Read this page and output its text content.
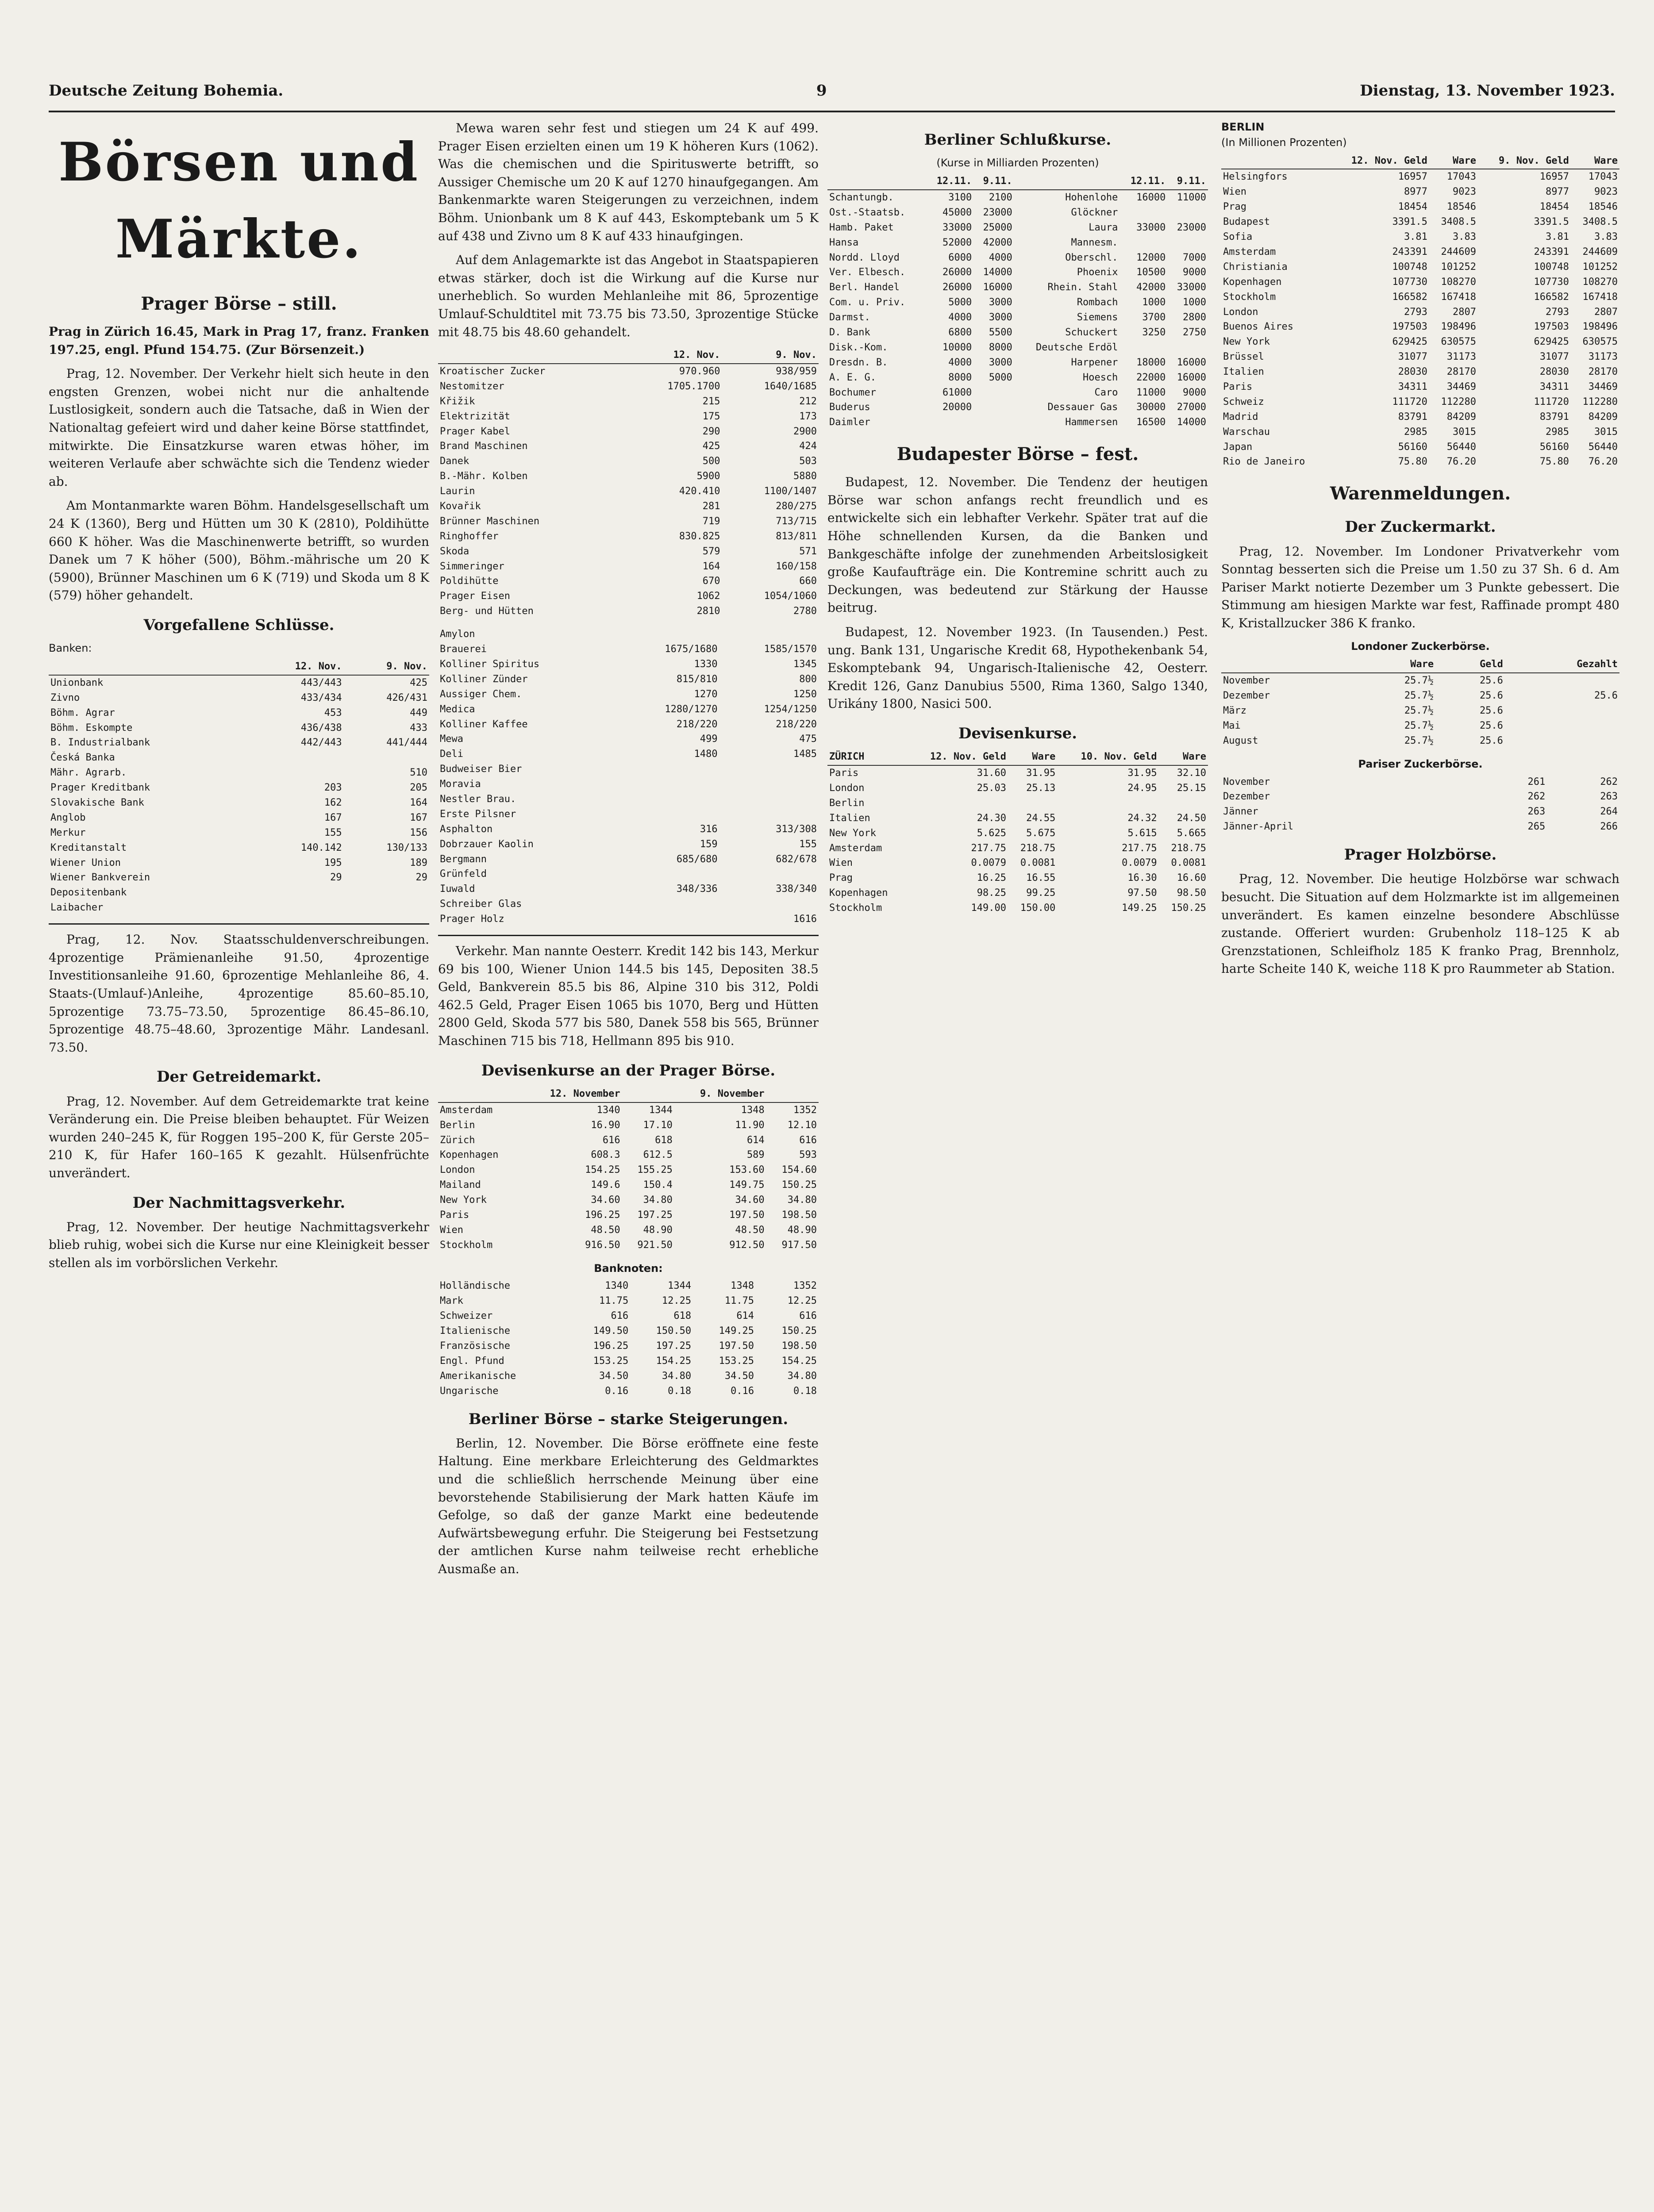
Deutsche Zeitung Bohemia.	9	Dienstag, 13. November 1923.
Börsen und Märkte.
Prager Börse – still.

Prag in Zürich 16.45, Mark in Prag 17, franz. Franken 197.25, engl. Pfund 154.75. (Zur Börsenzeit.)

Prag, 12. November. Der Verkehr hielt sich heute in den engsten Grenzen, wobei nicht nur die anhaltende Lustlosigkeit, sondern auch die Tatsache, daß in Wien der Nationaltag gefeiert wird und daher keine Börse stattfindet, mitwirkte. Die Einsatzkurse waren etwas höher, im weiteren Verlaufe aber schwächte sich die Tendenz wieder ab.

Am Montanmarkte waren Böhm. Handelsgesellschaft um 24 K (1360), Berg und Hütten um 30 K (2810), Poldihütte 660 K höher. Was die Maschinenwerte betrifft, so wurden Danek um 7 K höher (500), Böhm.-mährische um 20 K (5900), Brünner Maschinen um 6 K (719) und Skoda um 8 K (579) höher gehandelt.

Vorgefallene Schlüsse.
Banken:
	12. Nov.	9. Nov.
Unionbank	443/443	425
Zivno	433/434	426/431
Böhm. Agrar	453	449
Böhm. Eskompte	436/438	433
B. Industrialbank	442/443	441/444
Česká Banka		
Mähr. Agrarb.		510
Prager Kreditbank	203	205
Slovakische Bank	162	164
Anglob	167	167
Merkur	155	156
Kreditanstalt	140.142	130/133
Wiener Union	195	189
Wiener Bankverein	29	29
Depositenbank		
Laibacher		

Prag, 12. Nov. Staatsschuldenverschreibungen. 4prozentige Prämienanleihe 91.50, 4prozentige Investitionsanleihe 91.60, 6prozentige Mehlanleihe 86, 4. Staats-(Umlauf-)Anleihe, 4prozentige 85.60–85.10, 5prozentige 73.75–73.50, 5prozentige 86.45–86.10, 5prozentige 48.75–48.60, 3prozentige Mähr. Landesanl. 73.50.

Der Getreidemarkt.

Prag, 12. November. Auf dem Getreidemarkte trat keine Veränderung ein. Die Preise bleiben behauptet. Für Weizen wurden 240–245 K, für Roggen 195–200 K, für Gerste 205–210 K, für Hafer 160–165 K gezahlt. Hülsenfrüchte unverändert.

Der Nachmittagsverkehr.

Prag, 12. November. Der heutige Nachmittagsverkehr blieb ruhig, wobei sich die Kurse nur eine Kleinigkeit besser stellen als im vorbörslichen Verkehr.

Mewa waren sehr fest und stiegen um 24 K auf 499. Prager Eisen erzielten einen um 19 K höheren Kurs (1062). Was die chemischen und die Spirituswerte betrifft, so Aussiger Chemische um 20 K auf 1270 hinaufgegangen. Am Bankenmarkte waren Steigerungen zu verzeichnen, indem Böhm. Unionbank um 8 K auf 443, Eskomptebank um 5 K auf 438 und Zivno um 8 K auf 433 hinaufgingen.

Auf dem Anlagemarkte ist das Angebot in Staatspapieren etwas stärker, doch ist die Wirkung auf die Kurse nur unerheblich. So wurden Mehlanleihe mit 86, 5prozentige Umlauf-Schuldtitel mit 73.75 bis 73.50, 3prozentige Stücke mit 48.75 bis 48.60 gehandelt.

	12. Nov.	9. Nov.
Kroatischer Zucker	970.960	938/959
Nestomitzer	1705.1700	1640/1685
Křižik	215	212
Elektrizität	175	173
Prager Kabel	290	2900
Brand Maschinen	425	424
Danek	500	503
B.-Mähr. Kolben	5900	5880
Laurin	420.410	1100/1407
Kovařik	281	280/275
Brünner Maschinen	719	713/715
Ringhoffer	830.825	813/811
Skoda	579	571
Simmeringer	164	160/158
Poldihütte	670	660
Prager Eisen	1062	1054/1060
Berg- und Hütten	2810	2780
Amylon		
Brauerei	1675/1680	1585/1570
Kolliner Spiritus	1330	1345
Kolliner Zünder	815/810	800
Aussiger Chem.	1270	1250
Medica	1280/1270	1254/1250
Kolliner Kaffee	218/220	218/220
Mewa	499	475
Deli	1480	1485
Budweiser Bier		
Moravia		
Nestler Brau.		
Erste Pilsner		
Asphalton	316	313/308
Dobrzauer Kaolin	159	155
Bergmann	685/680	682/678
Grünfeld		
Iuwald	348/336	338/340
Schreiber Glas		
Prager Holz		1616

Verkehr. Man nannte Oesterr. Kredit 142 bis 143, Merkur 69 bis 100, Wiener Union 144.5 bis 145, Depositen 38.5 Geld, Bankverein 85.5 bis 86, Alpine 310 bis 312, Poldi 462.5 Geld, Prager Eisen 1065 bis 1070, Berg und Hütten 2800 Geld, Skoda 577 bis 580, Danek 558 bis 565, Brünner Maschinen 715 bis 718, Hellmann 895 bis 910.

Devisenkurse an der Prager Börse.
	12. November		9. November	
Amsterdam	1340	1344	1348	1352
Berlin	16.90	17.10	11.90	12.10
Zürich	616	618	614	616
Kopenhagen	608.3	612.5	589	593
London	154.25	155.25	153.60	154.60
Mailand	149.6	150.4	149.75	150.25
New York	34.60	34.80	34.60	34.80
Paris	196.25	197.25	197.50	198.50
Wien	48.50	48.90	48.50	48.90
Stockholm	916.50	921.50	912.50	917.50
Banknoten:
Holländische	1340	1344	1348	1352
Mark	11.75	12.25	11.75	12.25
Schweizer	616	618	614	616
Italienische	149.50	150.50	149.25	150.25
Französische	196.25	197.25	197.50	198.50
Engl. Pfund	153.25	154.25	153.25	154.25
Amerikanische	34.50	34.80	34.50	34.80
Ungarische	0.16	0.18	0.16	0.18
Berliner Börse – starke Steigerungen.

Berlin, 12. November. Die Börse eröffnete eine feste Haltung. Eine merkbare Erleichterung des Geldmarktes und die schließlich herrschende Meinung über eine bevorstehende Stabilisierung der Mark hatten Käufe im Gefolge, so daß der ganze Markt eine bedeutende Aufwärtsbewegung erfuhr. Die Steigerung bei Festsetzung der amtlichen Kurse nahm teilweise recht erhebliche Ausmaße an.

Berliner Schlußkurse.
(Kurse in Milliarden Prozenten)
	12.11.	9.11.		12.11.	9.11.
Schantungb.	3100	2100	Hohenlohe	16000	11000
Ost.-Staatsb.	45000	23000	Glöckner		
Hamb. Paket	33000	25000	Laura	33000	23000
Hansa	52000	42000	Mannesm.		
Nordd. Lloyd	6000	4000	Oberschl.	12000	7000
Ver. Elbesch.	26000	14000	Phoenix	10500	9000
Berl. Handel	26000	16000	Rhein. Stahl	42000	33000
Com. u. Priv.	5000	3000	Rombach	1000	1000
Darmst.	4000	3000	Siemens	3700	2800
D. Bank	6800	5500	Schuckert	3250	2750
Disk.-Kom.	10000	8000	Deutsche Erdöl		
Dresdn. B.	4000	3000	Harpener	18000	16000
A. E. G.	8000	5000	Hoesch	22000	16000
Bochumer	61000		Caro	11000	9000
Buderus	20000		Dessauer Gas	30000	27000
Daimler			Hammersen	16500	14000
Budapester Börse – fest.

Budapest, 12. November. Die Tendenz der heutigen Börse war schon anfangs recht freundlich und es entwickelte sich ein lebhafter Verkehr. Später trat auf die Höhe schnellenden Kursen, da die Banken und Bankgeschäfte infolge der zunehmenden Arbeitslosigkeit große Kaufaufträge ein. Die Kontremine schritt auch zu Deckungen, was bedeutend zur Stärkung der Hausse beitrug.

Budapest, 12. November 1923. (In Tausenden.) Pest. ung. Bank 131, Ungarische Kredit 68, Hypothekenbank 54, Eskomptebank 94, Ungarisch-Italienische 42, Oesterr. Kredit 126, Ganz Danubius 5500, Rima 1360, Salgo 1340, Urikány 1800, Nasici 500.

Devisenkurse.
ZÜRICH	12. Nov. Geld	Ware	10. Nov. Geld	Ware
Paris	31.60	31.95	31.95	32.10
London	25.03	25.13	24.95	25.15
Berlin				
Italien	24.30	24.55	24.32	24.50
New York	5.625	5.675	5.615	5.665
Amsterdam	217.75	218.75	217.75	218.75
Wien	0.0079	0.0081	0.0079	0.0081
Prag	16.25	16.55	16.30	16.60
Kopenhagen	98.25	99.25	97.50	98.50
Stockholm	149.00	150.00	149.25	150.25
BERLIN
(In Millionen Prozenten)
	12. Nov. Geld	Ware	9. Nov. Geld	Ware
Helsingfors	16957	17043	16957	17043
Wien	8977	9023	8977	9023
Prag	18454	18546	18454	18546
Budapest	3391.5	3408.5	3391.5	3408.5
Sofia	3.81	3.83	3.81	3.83
Amsterdam	243391	244609	243391	244609
Christiania	100748	101252	100748	101252
Kopenhagen	107730	108270	107730	108270
Stockholm	166582	167418	166582	167418
London	2793	2807	2793	2807
Buenos Aires	197503	198496	197503	198496
New York	629425	630575	629425	630575
Brüssel	31077	31173	31077	31173
Italien	28030	28170	28030	28170
Paris	34311	34469	34311	34469
Schweiz	111720	112280	111720	112280
Madrid	83791	84209	83791	84209
Warschau	2985	3015	2985	3015
Japan	56160	56440	56160	56440
Rio de Janeiro	75.80	76.20	75.80	76.20
Warenmeldungen.
Der Zuckermarkt.

Prag, 12. November. Im Londoner Privatverkehr vom Sonntag besserten sich die Preise um 1.50 zu 37 Sh. 6 d. Am Pariser Markt notierte Dezember um 3 Punkte gebessert. Die Stimmung am hiesigen Markte war fest, Raffinade prompt 480 K, Kristallzucker 386 K franko.

Londoner Zuckerbörse.
	Ware	Geld	Gezahlt
November	25.7½	25.6	
Dezember	25.7½	25.6	25.6
März	25.7½	25.6	
Mai	25.7½	25.6	
August	25.7½	25.6	
Pariser Zuckerbörse.
November	261	262
Dezember	262	263
Jänner	263	264
Jänner-April	265	266
Prager Holzbörse.

Prag, 12. November. Die heutige Holzbörse war schwach besucht. Die Situation auf dem Holzmarkte ist im allgemeinen unverändert. Es kamen einzelne besondere Abschlüsse zustande. Offeriert wurden: Grubenholz 118–125 K ab Grenzstationen, Schleifholz 185 K franko Prag, Brennholz, harte Scheite 140 K, weiche 118 K pro Raummeter ab Station.
